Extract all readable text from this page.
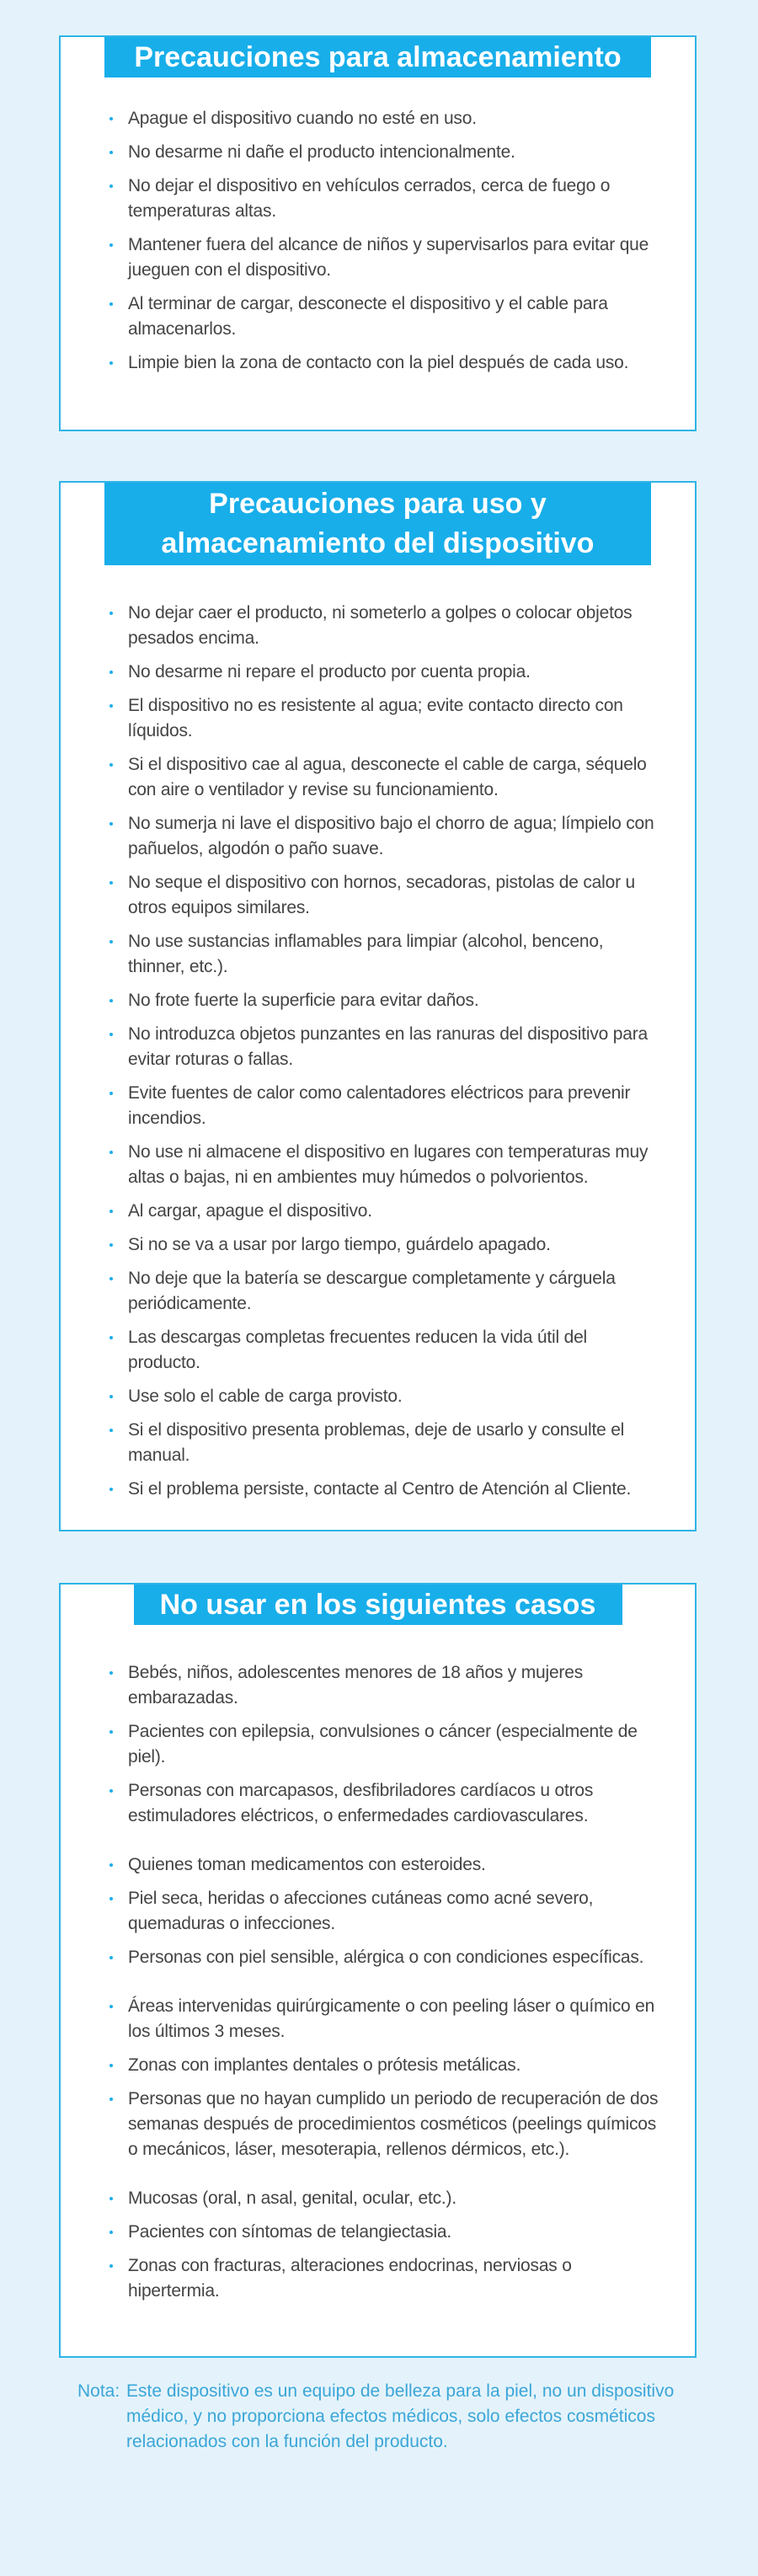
Precauciones para almacenamiento
Apague el dispositivo cuando no esté en uso.
No desarme ni dañe el producto intencionalmente.
No dejar el dispositivo en vehículos cerrados, cerca de fuego o temperaturas altas.
Mantener fuera del alcance de niños y supervisarlos para evitar que jueguen con el dispositivo.
Al terminar de cargar, desconecte el dispositivo y el cable para almacenarlos.
Limpie bien la zona de contacto con la piel después de cada uso.
Precauciones para uso y almacenamiento del dispositivo
No dejar caer el producto, ni someterlo a golpes o colocar objetos pesados encima.
No desarme ni repare el producto por cuenta propia.
El dispositivo no es resistente al agua; evite contacto directo con líquidos.
Si el dispositivo cae al agua, desconecte el cable de carga, séquelo con aire o ventilador y revise su funcionamiento.
No sumerja ni lave el dispositivo bajo el chorro de agua; límpielo con pañuelos, algodón o paño suave.
No seque el dispositivo con hornos, secadoras, pistolas de calor u otros equipos similares.
No use sustancias inflamables para limpiar (alcohol, benceno, thinner, etc.).
No frote fuerte la superficie para evitar daños.
No introduzca objetos punzantes en las ranuras del dispositivo para evitar roturas o fallas.
Evite fuentes de calor como calentadores eléctricos para prevenir incendios.
No use ni almacene el dispositivo en lugares con temperaturas muy altas o bajas, ni en ambientes muy húmedos o polvorientos.
Al cargar, apague el dispositivo.
Si no se va a usar por largo tiempo, guárdelo apagado.
No deje que la batería se descargue completamente y cárguela periódicamente.
Las descargas completas frecuentes reducen la vida útil del producto.
Use solo el cable de carga provisto.
Si el dispositivo presenta problemas, deje de usarlo y consulte el manual.
Si el problema persiste, contacte al Centro de Atención al Cliente.
No usar en los siguientes casos
Bebés, niños, adolescentes menores de 18 años y mujeres embarazadas.
Pacientes con epilepsia, convulsiones o cáncer (especialmente de piel).
Personas con marcapasos, desfibriladores cardíacos u otros estimuladores eléctricos, o enfermedades cardiovasculares.
Quienes toman medicamentos con esteroides.
Piel seca, heridas o afecciones cutáneas como acné severo, quemaduras o infecciones.
Personas con piel sensible, alérgica o con condiciones específicas.
Áreas intervenidas quirúrgicamente o con peeling láser o químico en los últimos 3 meses.
Zonas con implantes dentales o prótesis metálicas.
Personas que no hayan cumplido un periodo de recuperación de dos semanas después de procedimientos cosméticos (peelings químicos o mecánicos, láser, mesoterapia, rellenos dérmicos, etc.).
Mucosas (oral, n asal, genital, ocular, etc.).
Pacientes con síntomas de telangiectasia.
Zonas con fracturas, alteraciones endocrinas, nerviosas o hipertermia.
Nota: Este dispositivo es un equipo de belleza para la piel, no un dispositivo médico, y no proporciona efectos médicos, solo efectos cosméticos relacionados con la función del producto.
